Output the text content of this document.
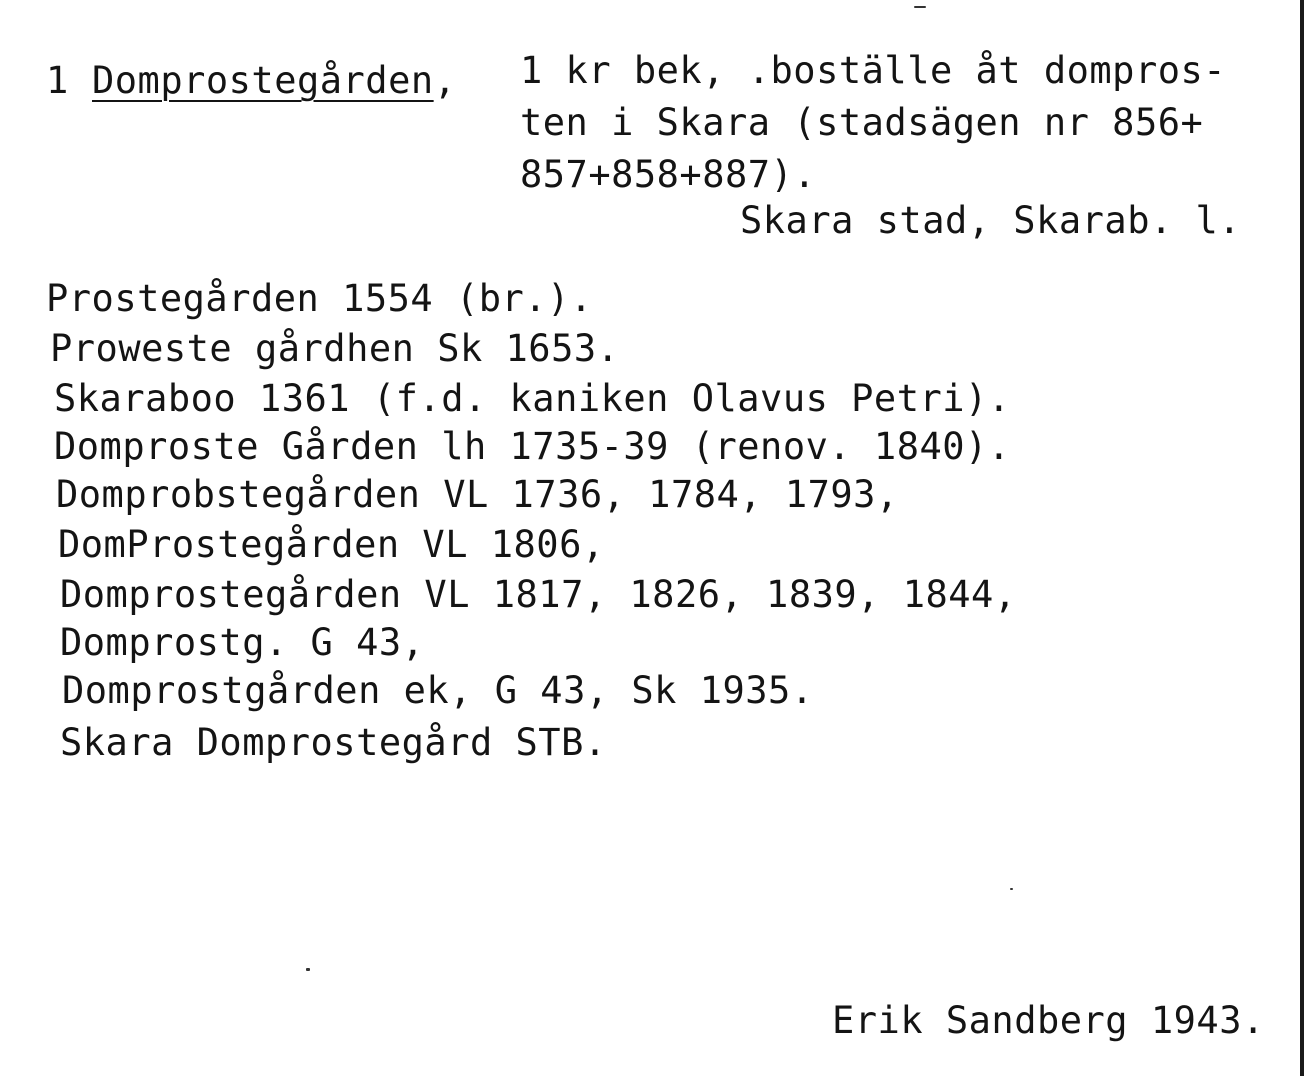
1 Domprostegården, 1 kr bek, .boställe åt dompros-
ten i Skara (stadsägen nr 856+
857+858+887).
Skara stad, Skarab. l.
Prostegården 1554 (br.).
Proweste gårdhen Sk 1653.
Skaraboo 1361 (f.d. kaniken Olavus Petri).
Domproste Gården lh 1735-39 (renov. 1840).
Domprobstegården VL 1736, 1784, 1793,
DomProstegården VL 1806,
Domprostegården VL 1817, 1826, 1839, 1844,
Domprostg. G 43,
Domprostgården ek, G 43, Sk 1935.
Skara Domprostegård STB.
Erik Sandberg 1943.
